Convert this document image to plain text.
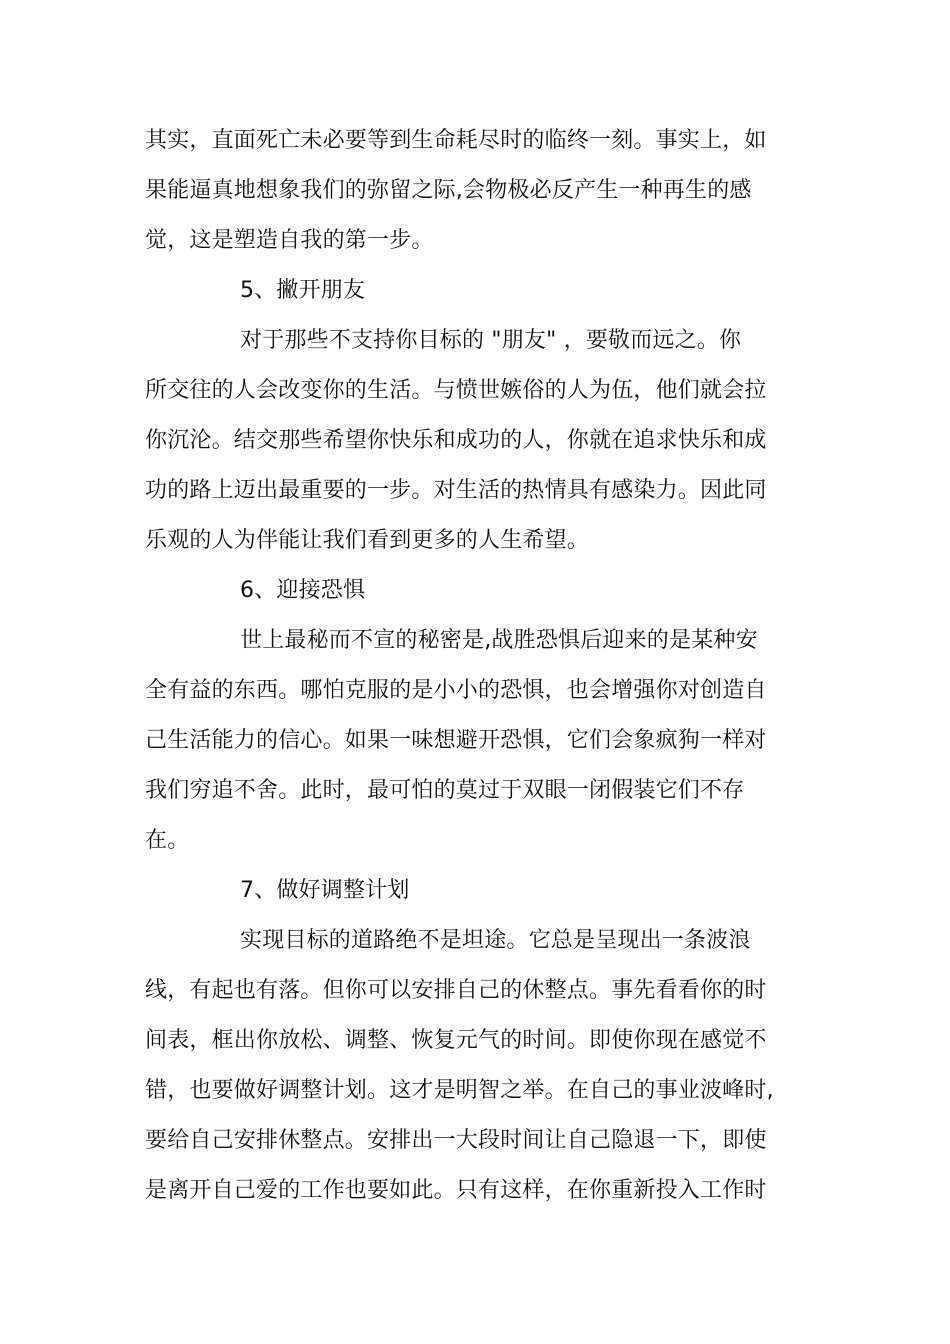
其实，直面死亡未必要等到生命耗尽时的临终一刻。事实上，如
果能逼真地想象我们的弥留之际,会物极必反产生一种再生的感
觉，这是塑造自我的第一步。
5、撇开朋友
对于那些不支持你目标的 "朋友" ，要敬而远之。你
所交往的人会改变你的生活。与愤世嫉俗的人为伍，他们就会拉
你沉沦。结交那些希望你快乐和成功的人，你就在追求快乐和成
功的路上迈出最重要的一步。对生活的热情具有感染力。因此同
乐观的人为伴能让我们看到更多的人生希望。
6、迎接恐惧
世上最秘而不宣的秘密是,战胜恐惧后迎来的是某种安
全有益的东西。哪怕克服的是小小的恐惧，也会增强你对创造自
己生活能力的信心。如果一味想避开恐惧，它们会象疯狗一样对
我们穷追不舍。此时，最可怕的莫过于双眼一闭假装它们不存
在。
7、做好调整计划
实现目标的道路绝不是坦途。它总是呈现出一条波浪
线，有起也有落。但你可以安排自己的休整点。事先看看你的时
间表，框出你放松、调整、恢复元气的时间。即使你现在感觉不
错，也要做好调整计划。这才是明智之举。在自己的事业波峰时,
要给自己安排休整点。安排出一大段时间让自己隐退一下，即使
是离开自己爱的工作也要如此。只有这样，在你重新投入工作时
